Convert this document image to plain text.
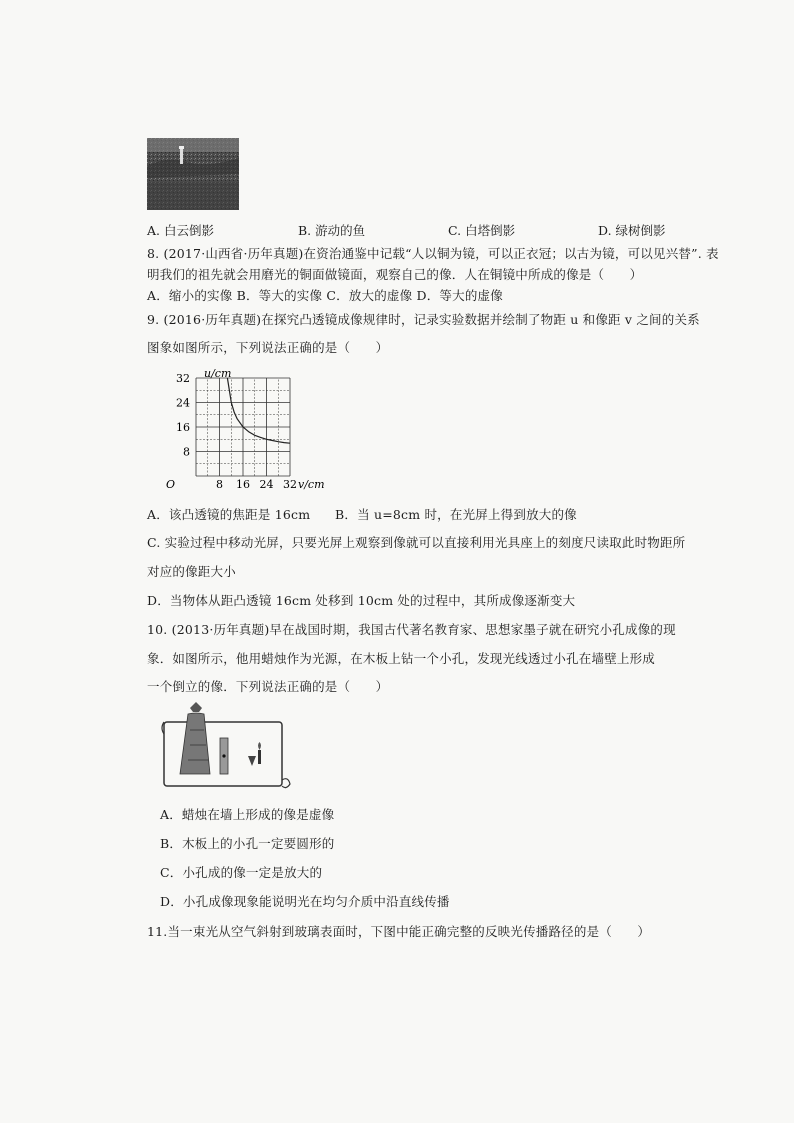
A. 白云倒影	B. 游动的鱼	C. 白塔倒影	D. 绿树倒影
8. (2017·山西省·历年真题)在资治通鉴中记载“人以铜为镜，可以正衣冠；以古为镜，可以见兴替”. 表
明我们的祖先就会用磨光的铜面做镜面，观察自己的像．人在铜镜中所成的像是（　　）
A．缩小的实像 B．等大的实像 C．放大的虚像 D．等大的虚像
9. (2016·历年真题)在探究凸透镜成像规律时，记录实验数据并绘制了物距 u 和像距 v 之间的关系
图象如图所示，下列说法正确的是（　　）
8 16 24 32
8
16
24
32 u/cm
v/cm
O
A．该凸透镜的焦距是 16cm B．当 u=8cm 时，在光屏上得到放大的像
C. 实验过程中移动光屏，只要光屏上观察到像就可以直接利用光具座上的刻度尺读取此时物距所
对应的像距大小
D．当物体从距凸透镜 16cm 处移到 10cm 处的过程中，其所成像逐渐变大
10. (2013·历年真题)早在战国时期，我国古代著名教育家、思想家墨子就在研究小孔成像的现
象．如图所示，他用蜡烛作为光源，在木板上钻一个小孔，发现光线透过小孔在墙壁上形成
一个倒立的像．下列说法正确的是（　　）
A．蜡烛在墙上形成的像是虚像
B．木板上的小孔一定要圆形的
C．小孔成的像一定是放大的
D．小孔成像现象能说明光在均匀介质中沿直线传播
11.当一束光从空气斜射到玻璃表面时，下图中能正确完整的反映光传播路径的是（　　）
